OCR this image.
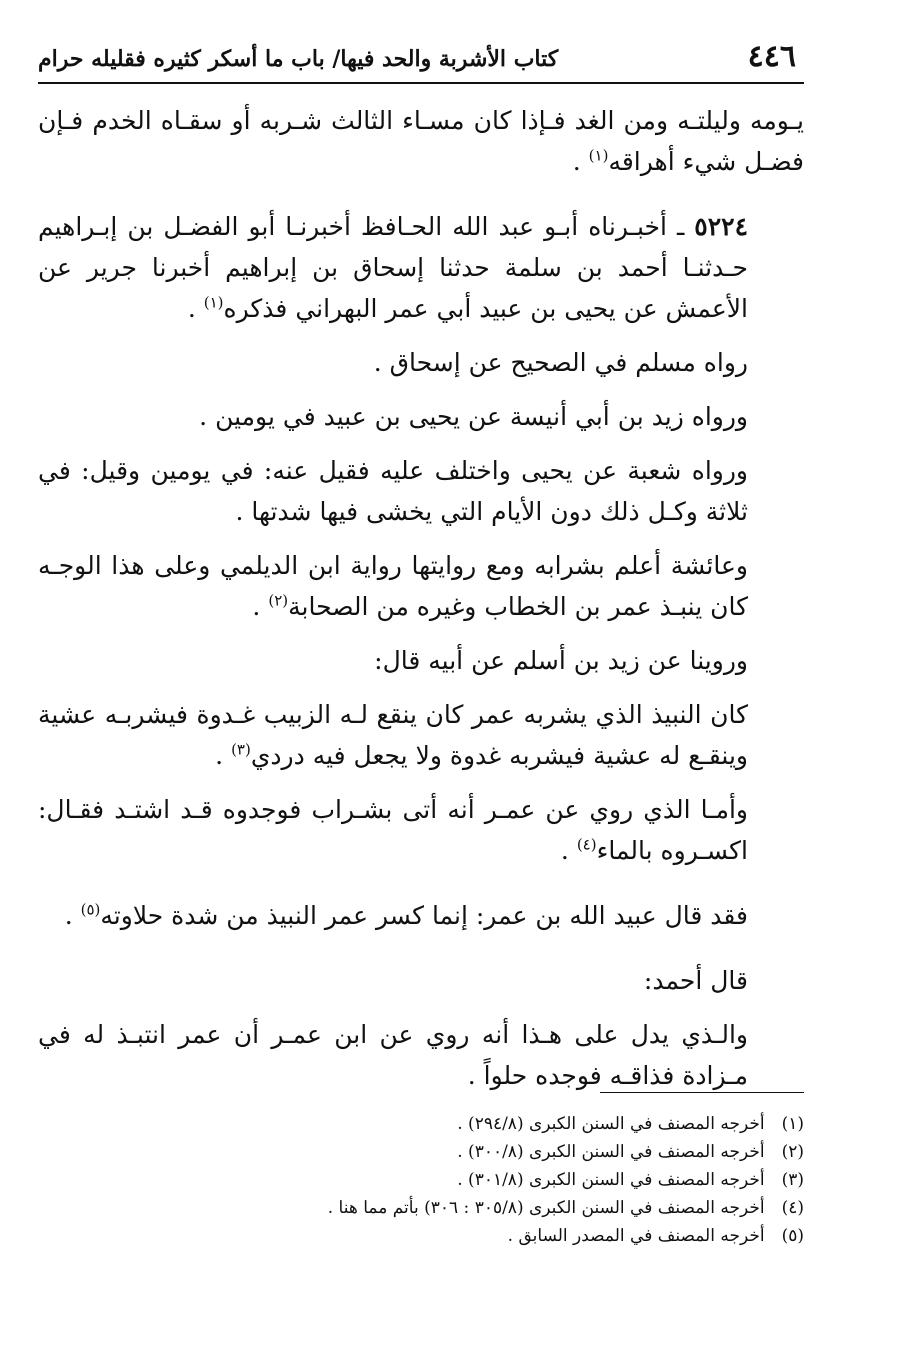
٤٤٦
كتاب الأشربة والحد فيها/ باب ما أسكر كثيره فقليله حرام

يـومه وليلتـه ومن الغد فـإذا كان مسـاء الثالث شـربه أو سقـاه الخدم فـإن فضـل شيء أهراقه$^{(١)}$ .

٥٢٢٤ ـ أخبـرناه أبـو عبد الله الحـافظ أخبرنـا أبو الفضـل بن إبـراهيم حـدثنـا أحمد بن سلمة حدثنا إسحاق بن إبراهيم أخبرنا جرير عن الأعمش عن يحيى بن عبيد أبي عمر البهراني فذكره$^{(١)}$ .

رواه مسلم في الصحيح عن إسحاق .

ورواه زيد بن أبي أنيسة عن يحيى بن عبيد في يومين .

ورواه شعبة عن يحيى واختلف عليه فقيل عنه: في يومين وقيل: في ثلاثة وكـل ذلك دون الأيام التي يخشى فيها شدتها .

وعائشة أعلم بشرابه ومع روايتها رواية ابن الديلمي وعلى هذا الوجـه كان ينبـذ عمر بن الخطاب وغيره من الصحابة$^{(٢)}$ .

وروينا عن زيد بن أسلم عن أبيه قال:

كان النبيذ الذي يشربه عمر كان ينقع لـه الزبيب غـدوة فيشربـه عشية وينقـع له عشية فيشربه غدوة ولا يجعل فيه دردي$^{(٣)}$ .

وأمـا الذي روي عن عمـر أنه أتى بشـراب فوجدوه قـد اشتـد فقـال: اكسـروه بالماء$^{(٤)}$ .

فقد قال عبيد الله بن عمر: إنما كسر عمر النبيذ من شدة حلاوته$^{(٥)}$ .

قال أحمد:

والـذي يدل على هـذا أنه روي عن ابن عمـر أن عمر انتبـذ له في مـزادة فذاقـه فوجده حلواً .

(١) أخرجه المصنف في السنن الكبرى (٢٩٤/٨) .

(٢) أخرجه المصنف في السنن الكبرى (٣٠٠/٨) .

(٣) أخرجه المصنف في السنن الكبرى (٣٠١/٨) .

(٤) أخرجه المصنف في السنن الكبرى (٣٠٥/٨ : ٣٠٦) بأتم مما هنا .

(٥) أخرجه المصنف في المصدر السابق .
